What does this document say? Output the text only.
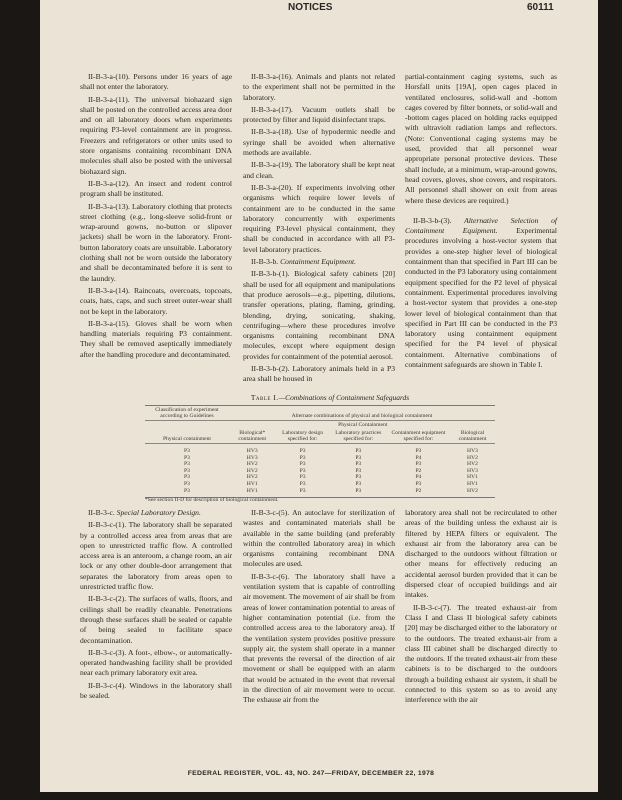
NOTICES	60111

II-B-3-a-(10). Persons under 16 years of age shall not enter the laboratory.

II-B-3-a-(11). The universal biohazard sign shall be posted on the controlled access area door and on all laboratory doors when experiments requiring P3-level containment are in progress. Freezers and refrigerators or other units used to store organisms containing recombinant DNA molecules shall also be posted with the universal biohazard sign.

II-B-3-a-(12). An insect and rodent control program shall be instituted.

II-B-3-a-(13). Laboratory clothing that protects street clothing (e.g., long-sleeve solid-front or wrap-around gowns, no-button or slipover jackets) shall be worn in the laboratory. Front-button laboratory coats are unsuitable. Laboratory clothing shall not be worn outside the laboratory and shall be decontaminated before it is sent to the laundry.

II-B-3-a-(14). Raincoats, overcoats, topcoats, coats, hats, caps, and such street outer-wear shall not be kept in the laboratory.

II-B-3-a-(15). Gloves shall be worn when handling materials requiring P3 containment. They shall be removed aseptically immediately after the handling procedure and decontaminated.

II-B-3-a-(16). Animals and plants not related to the experiment shall not be permitted in the laboratory.

II-B-3-a-(17). Vacuum outlets shall be protected by filter and liquid disinfectant traps.

II-B-3-a-(18). Use of hypodermic needle and syringe shall be avoided when alternative methods are available.

II-B-3-a-(19). The laboratory shall be kept neat and clean.

II-B-3-a-(20). If experiments involving other organisms which require lower levels of containment are to be conducted in the same laboratory concurrently with experiments requiring P3-level physical containment, they shall be conducted in accordance with all P3-level laboratory practices.

II-B-3-b. Containment Equipment.

II-B-3-b-(1). Biological safety cabinets [20] shall be used for all equipment and manipulations that produce aerosols—e.g., pipetting, dilutions, transfer operations, plating, flaming, grinding, blending, drying, sonicating, shaking, centrifuging—where these procedures involve organisms containing recombinant DNA molecules, except where equipment design provides for containment of the potential aerosol.

II-B-3-b-(2). Laboratory animals held in a P3 area shall be housed in

partial-containment caging systems, such as Horsfall units [19A], open cages placed in ventilated enclosures, solid-wall and -bottom cages covered by filter bonnets, or solid-wall and -bottom cages placed on holding racks equipped with ultraviolt radiation lamps and reflectors. (Note: Conventional caging systems may be used, provided that all personnel wear appropriate personal protective devices. These shall include, at a minimum, wrap-around gowns, head covers, gloves, shoe covers, and respirators. All personnel shall shower on exit from areas where these devices are required.)

II-B-3-b-(3). Alternative Selection of Containment Equipment. Experimental procedures involving a host-vector system that provides a one-step higher level of biological containment than that specified in Part III can be conducted in the P3 laboratory using containment equipment specified for the P2 level of physical containment. Experimental procedures involving a host-vector system that provides a one-step lower level of biological containment than that specified in Part III can be conducted in the P3 laboratory using containment equipment specified for the P4 level of physical containment. Alternative combinations of containment safeguards are shown in Table I.

Table I.—Combinations of Containment Safeguards
Classification of experiment according to Guidelines	Alternate combinations of physical and biological containment				
		Physical Containment			
Physical containment	Biological* containment	Laboratory design specified for:	Laboratory practices specified for:	Containment equipment specified for:	Biological containment
P3	HV3	P3	P3	P3	HV3
P3	HV3	P3	P3	P4	HV2
P3	HV2	P3	P3	P3	HV2
P3	HV2	P3	P3	P2	HV3
P3	HV2	P3	P3	P4	HV1
P3	HV1	P3	P3	P3	HV1
P3	HV1	P3	P3	P2	HV2
*See section II-D for description of biological containment.

II-B-3-c. Special Laboratory Design.

II-B-3-c-(1). The laboratory shall be separated by a controlled access area from areas that are open to unrestricted traffic flow. A controlled access area is an anteroom, a change room, an air lock or any other double-door arrangement that separates the laboratory from areas open to unrestricted traffic flow.

II-B-3-c-(2). The surfaces of walls, floors, and ceilings shall be readily cleanable. Penetrations through these surfaces shall be sealed or capable of being sealed to facilitate space decontamination.

II-B-3-c-(3). A foot-, elbow-, or automatically-operated handwashing facility shall be provided near each primary laboratory exit area.

II-B-3-c-(4). Windows in the laboratory shall be sealed.

II-B-3-c-(5). An autoclave for sterilization of wastes and contaminated materials shall be available in the same building (and preferably within the controlled laboratory area) in which organisms containing recombinant DNA molecules are used.

II-B-3-c-(6). The laboratory shall have a ventilation system that is capable of controlling air movement. The movement of air shall be from areas of lower contamination potential to areas of higher contamination potential (i.e. from the controlled access area to the laboratory area). If the ventilation system provides positive pressure supply air, the system shall operate in a manner that prevents the reversal of the direction of air movement or shall be equipped with an alarm that would be actuated in the event that reversal in the direction of air movement were to occur. The exhause air from the

laboratory area shall not be recirculated to other areas of the building unless the exhaust air is filtered by HEPA filters or equivalent. The exhaust air from the laboratory area can be discharged to the outdoors without filtration or other means for effectively reducing an accidental aerosol burden provided that it can be dispersed clear of occupied buildings and air intakes.

II-B-3-c-(7). The treated exhaust-air from Class I and Class II biological safety cabinets [20] may be discharged either to the laboratory or to the outdoors. The treated exhaust-air from a class III cabinet shall be discharged directly to the outdoors. If the treated exhaust-air from these cabinets is to be discharged to the outdoors through a building exhaust air system, it shall be connected to this system so as to avoid any interference with the air

FEDERAL REGISTER, VOL. 43, NO. 247—FRIDAY, DECEMBER 22, 1978
